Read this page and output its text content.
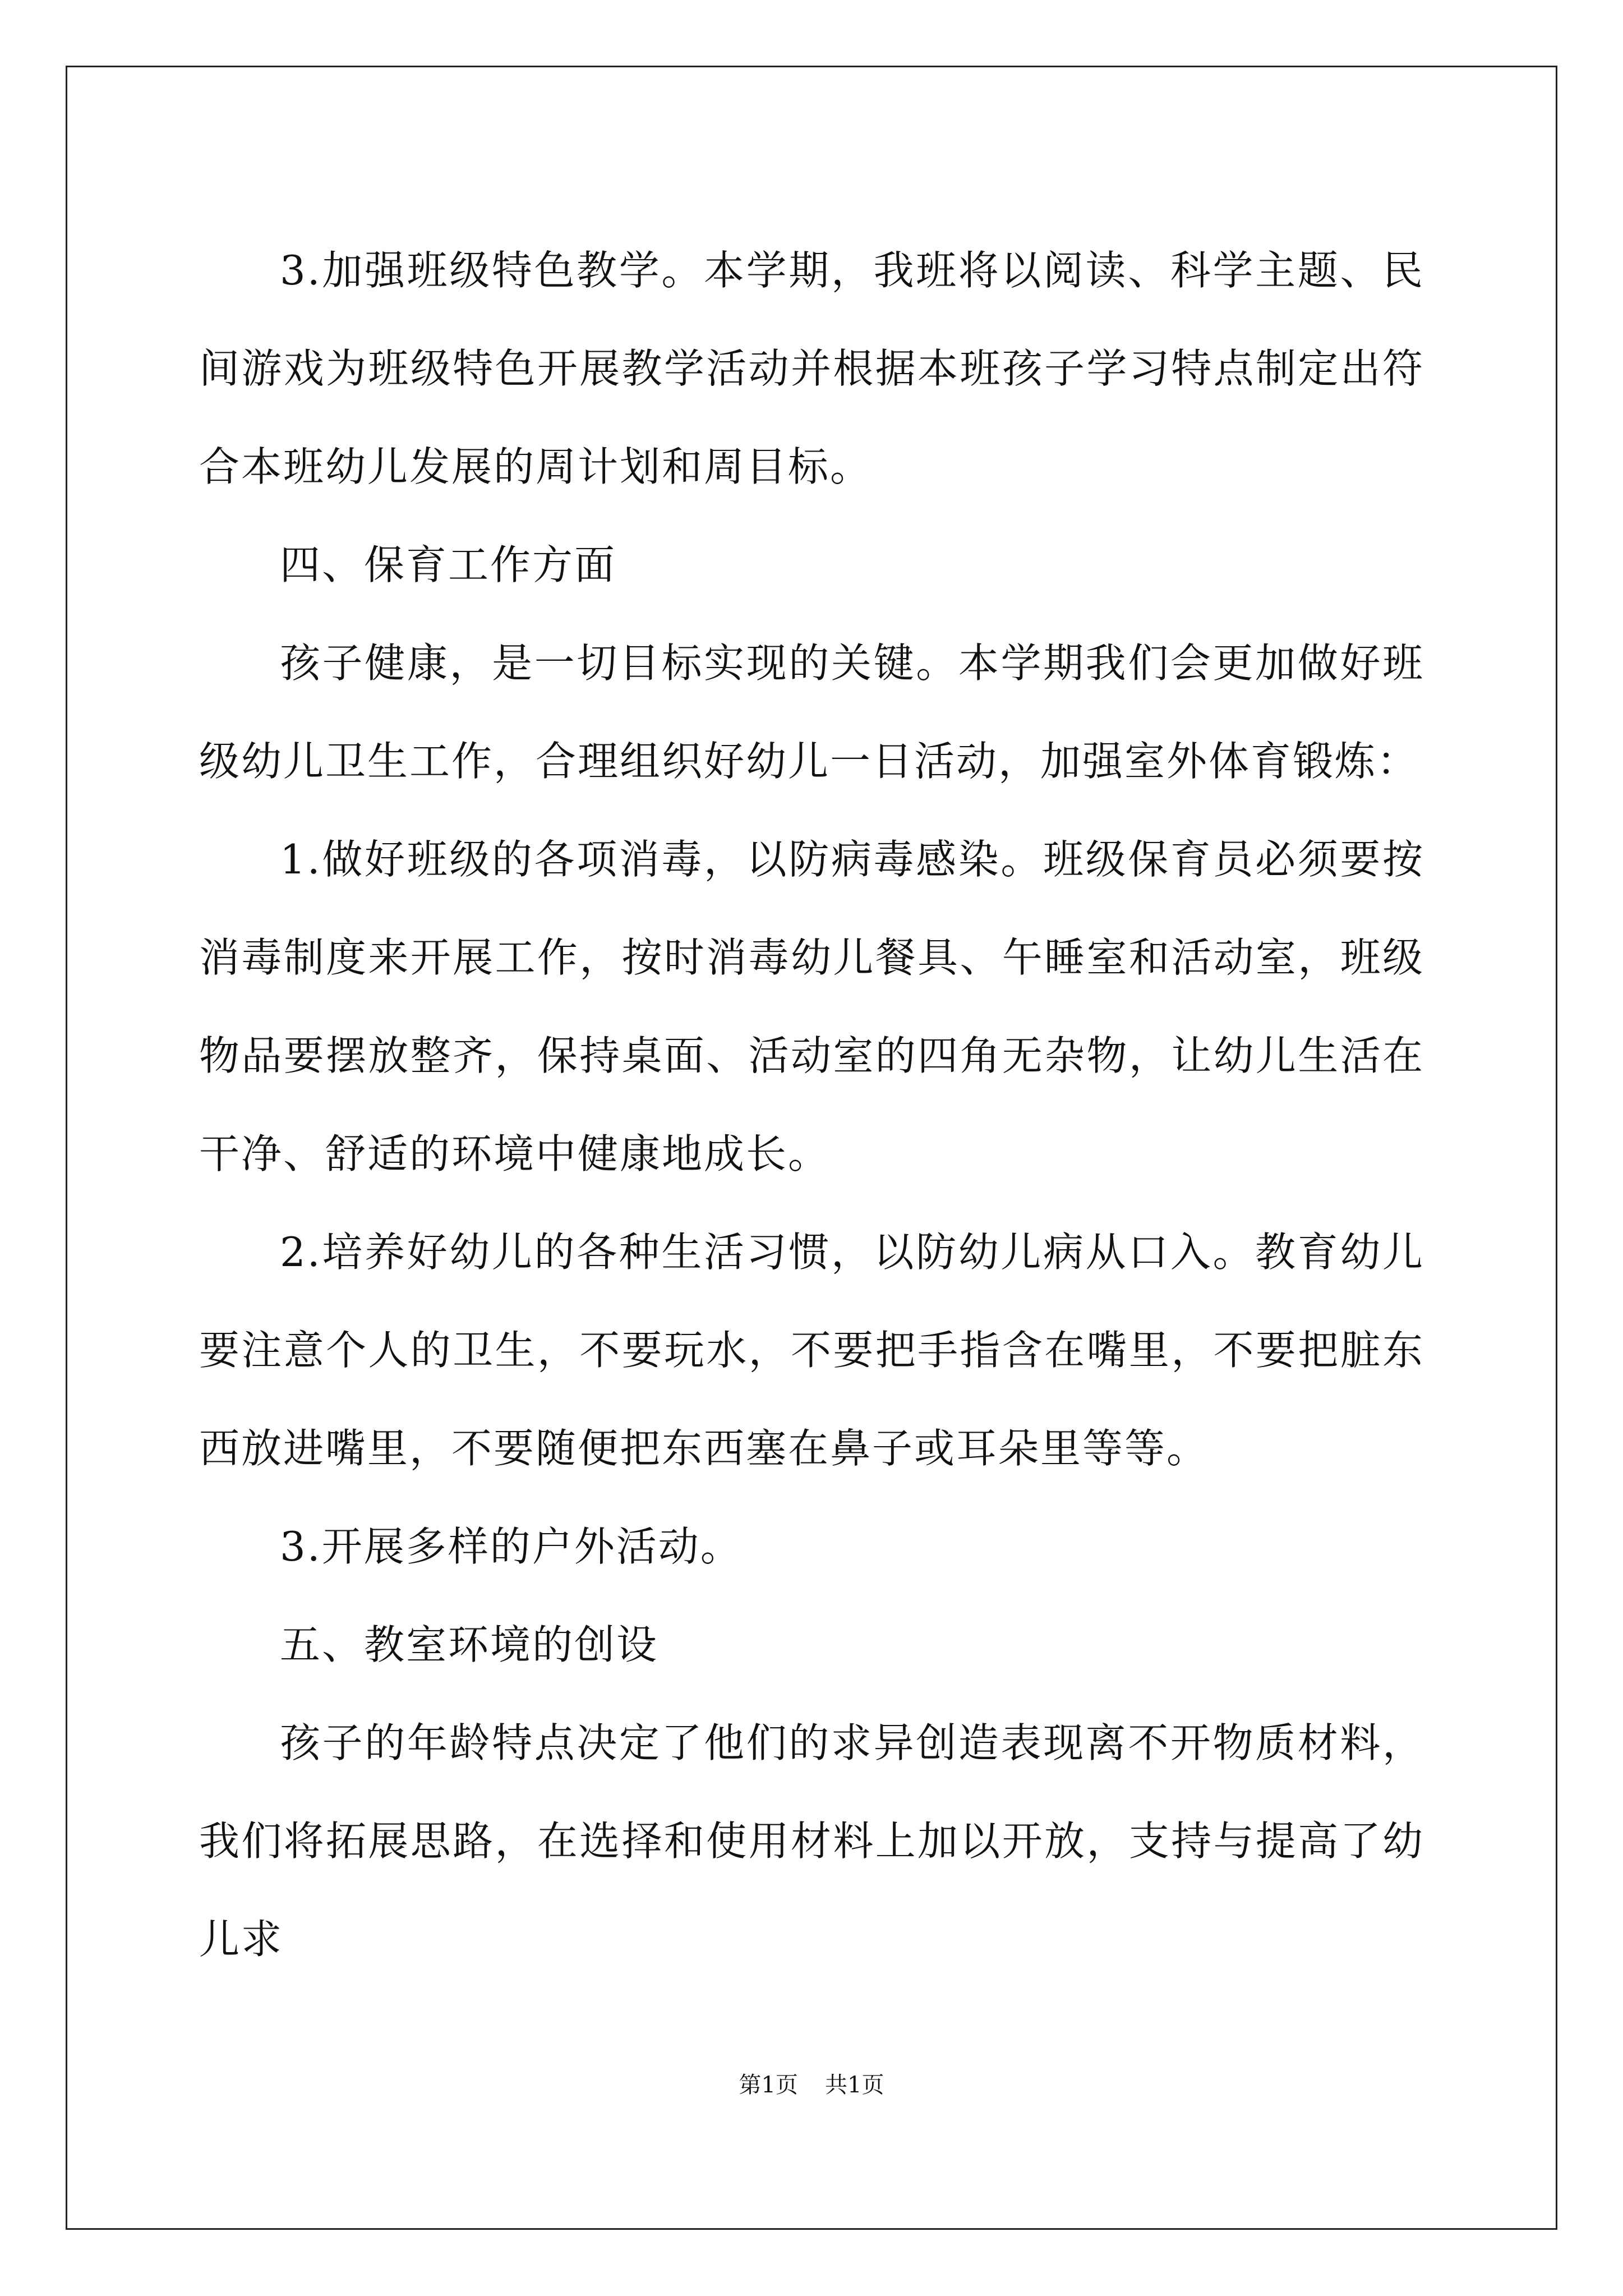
3.加强班级特色教学。本学期，我班将以阅读、科学主题、民间游戏为班级特色开展教学活动并根据本班孩子学习特点制定出符合本班幼儿发展的周计划和周目标。

四、保育工作方面

孩子健康，是一切目标实现的关键。本学期我们会更加做好班级幼儿卫生工作，合理组织好幼儿一日活动，加强室外体育锻炼：

1.做好班级的各项消毒，以防病毒感染。班级保育员必须要按消毒制度来开展工作，按时消毒幼儿餐具、午睡室和活动室，班级物品要摆放整齐，保持桌面、活动室的四角无杂物，让幼儿生活在干净、舒适的环境中健康地成长。

2.培养好幼儿的各种生活习惯，以防幼儿病从口入。教育幼儿要注意个人的卫生，不要玩水，不要把手指含在嘴里，不要把脏东西放进嘴里，不要随便把东西塞在鼻子或耳朵里等等。

3.开展多样的户外活动。

五、教室环境的创设

孩子的年龄特点决定了他们的求异创造表现离不开物质材料，我们将拓展思路，在选择和使用材料上加以开放，支持与提高了幼儿求

第1页 共1页
